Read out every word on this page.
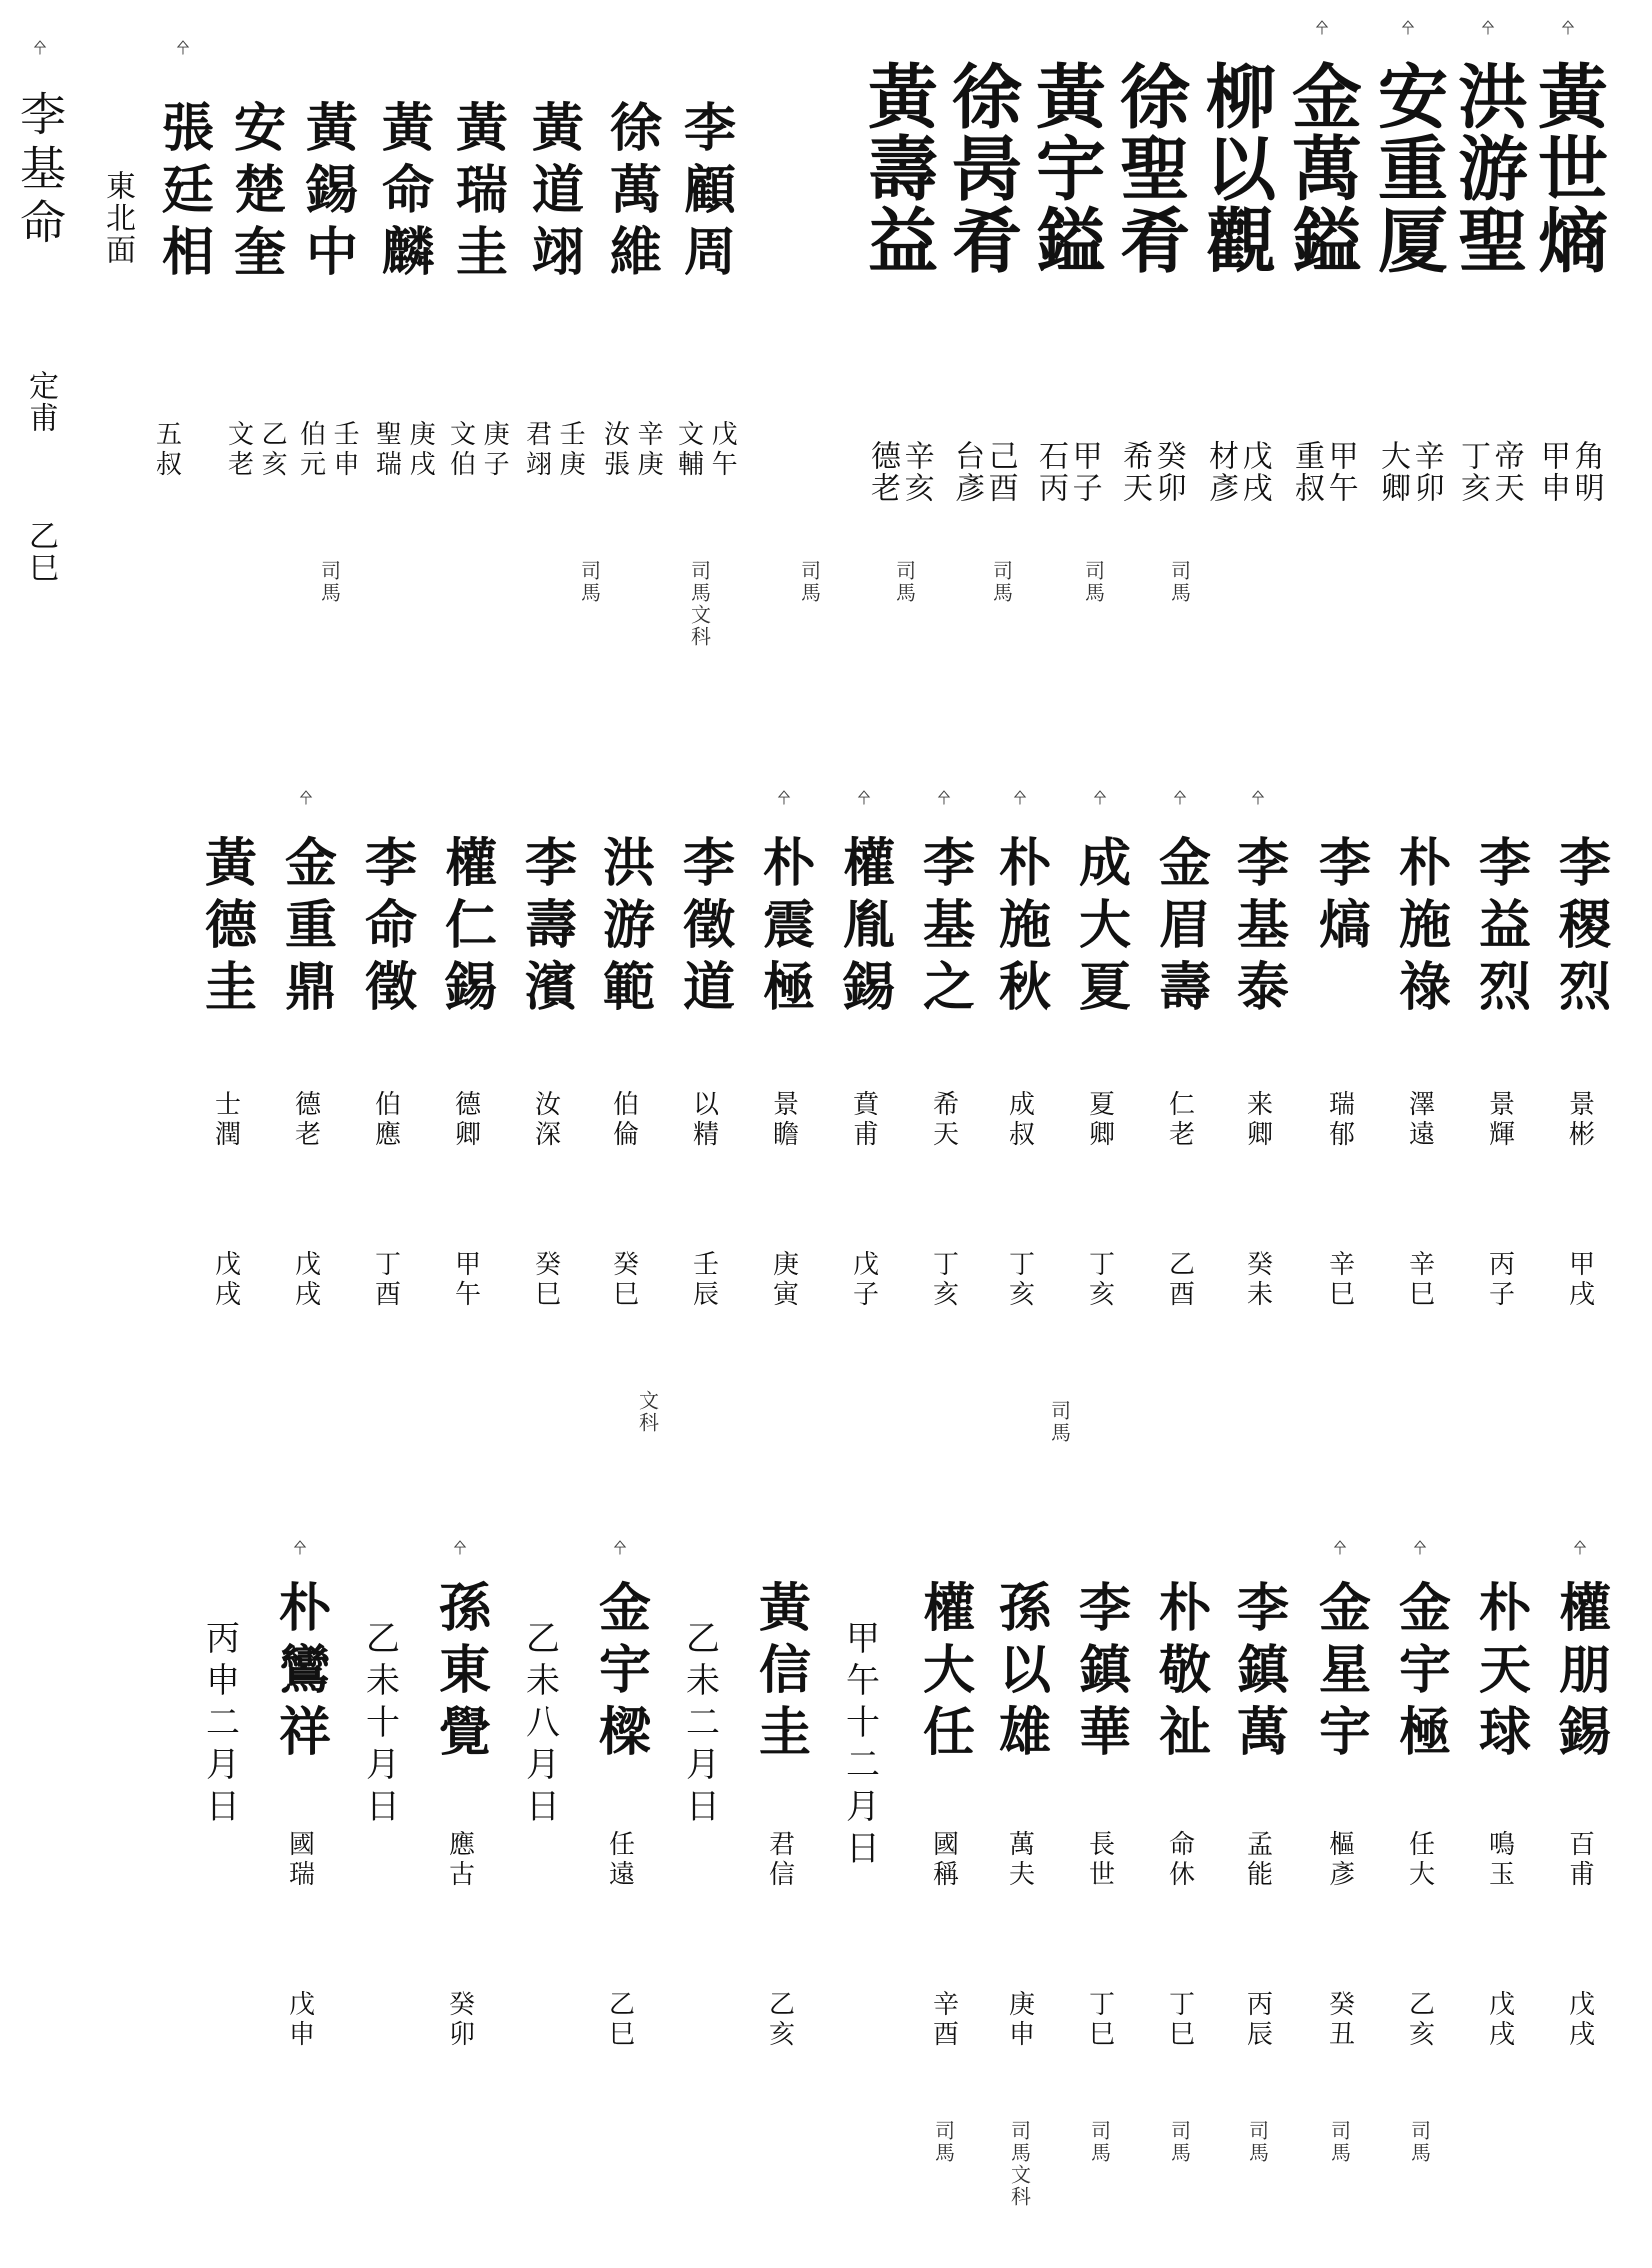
㐃
黃世熵
甲申
角明
㐃
洪游聖
丁亥
帝天
㐃
安重厦
大卿
辛卯
㐃
金萬鎰
重叔
甲午
柳以觀
材彥
戊戌
徐聖肴
希天
癸卯
黃宇鎰
石丙
甲子
徐昺肴
台彥
己酉
黃壽益
德老
辛亥
李顧周
文輔 戊午
徐萬維
汝張 辛庚
黃道翊
君翊 壬庚
黃瑞圭
文伯 庚子
黃命麟
聖瑞 庚戌
黃錫中
伯元 壬申
安楚奎
文老 乙亥
㐃
張廷相
五叔
東北面
㐃
李基命
定甫
乙巳	司馬
司馬
司馬
司馬
司馬
司馬文科
司馬
司馬
李稷烈
景彬
甲戌
李益烈
景輝
丙子
朴施祿
澤遠
辛巳
李熇
瑞郁
辛巳
㐃
李基泰
来卿
癸未
㐃
金眉壽
仁老
乙酉
㐃
成大夏
夏卿
丁亥
㐃
朴施秋
成叔
丁亥
㐃
李基之
希天
丁亥
㐃
權胤錫
賁甫
戊子
㐃
朴震極
景瞻
庚寅
李徵道
以精
壬辰
洪游範
伯倫
癸巳
李壽濱
汝深
癸巳
權仁錫
德卿
甲午
李命徵
伯應
丁酉
㐃
金重鼎
德老
戊戌
黃德圭
士潤
戊戌
司馬
文科
㐃
權朋錫
百甫
戊戌
朴天球
鳴玉
戊戌
㐃
金宇極
任大
乙亥
司馬
㐃
金星宇
樞彥
癸丑
司馬
李鎮萬
孟能
丙辰
司馬
朴敬祉
命休
丁巳
司馬
李鎮華
長世
丁巳
司馬
孫以雄
萬夫
庚申
司馬文科
權大任
國稱
辛酉
司馬
甲午十二月日
黃信圭
君信
乙亥
乙未二月日
㐃
金宇樑
任遠
乙巳
乙未八月日
㐃
孫東覺
應古
癸卯
乙未十月日
㐃
朴鸞祥
國瑞
戊申
丙申二月日
